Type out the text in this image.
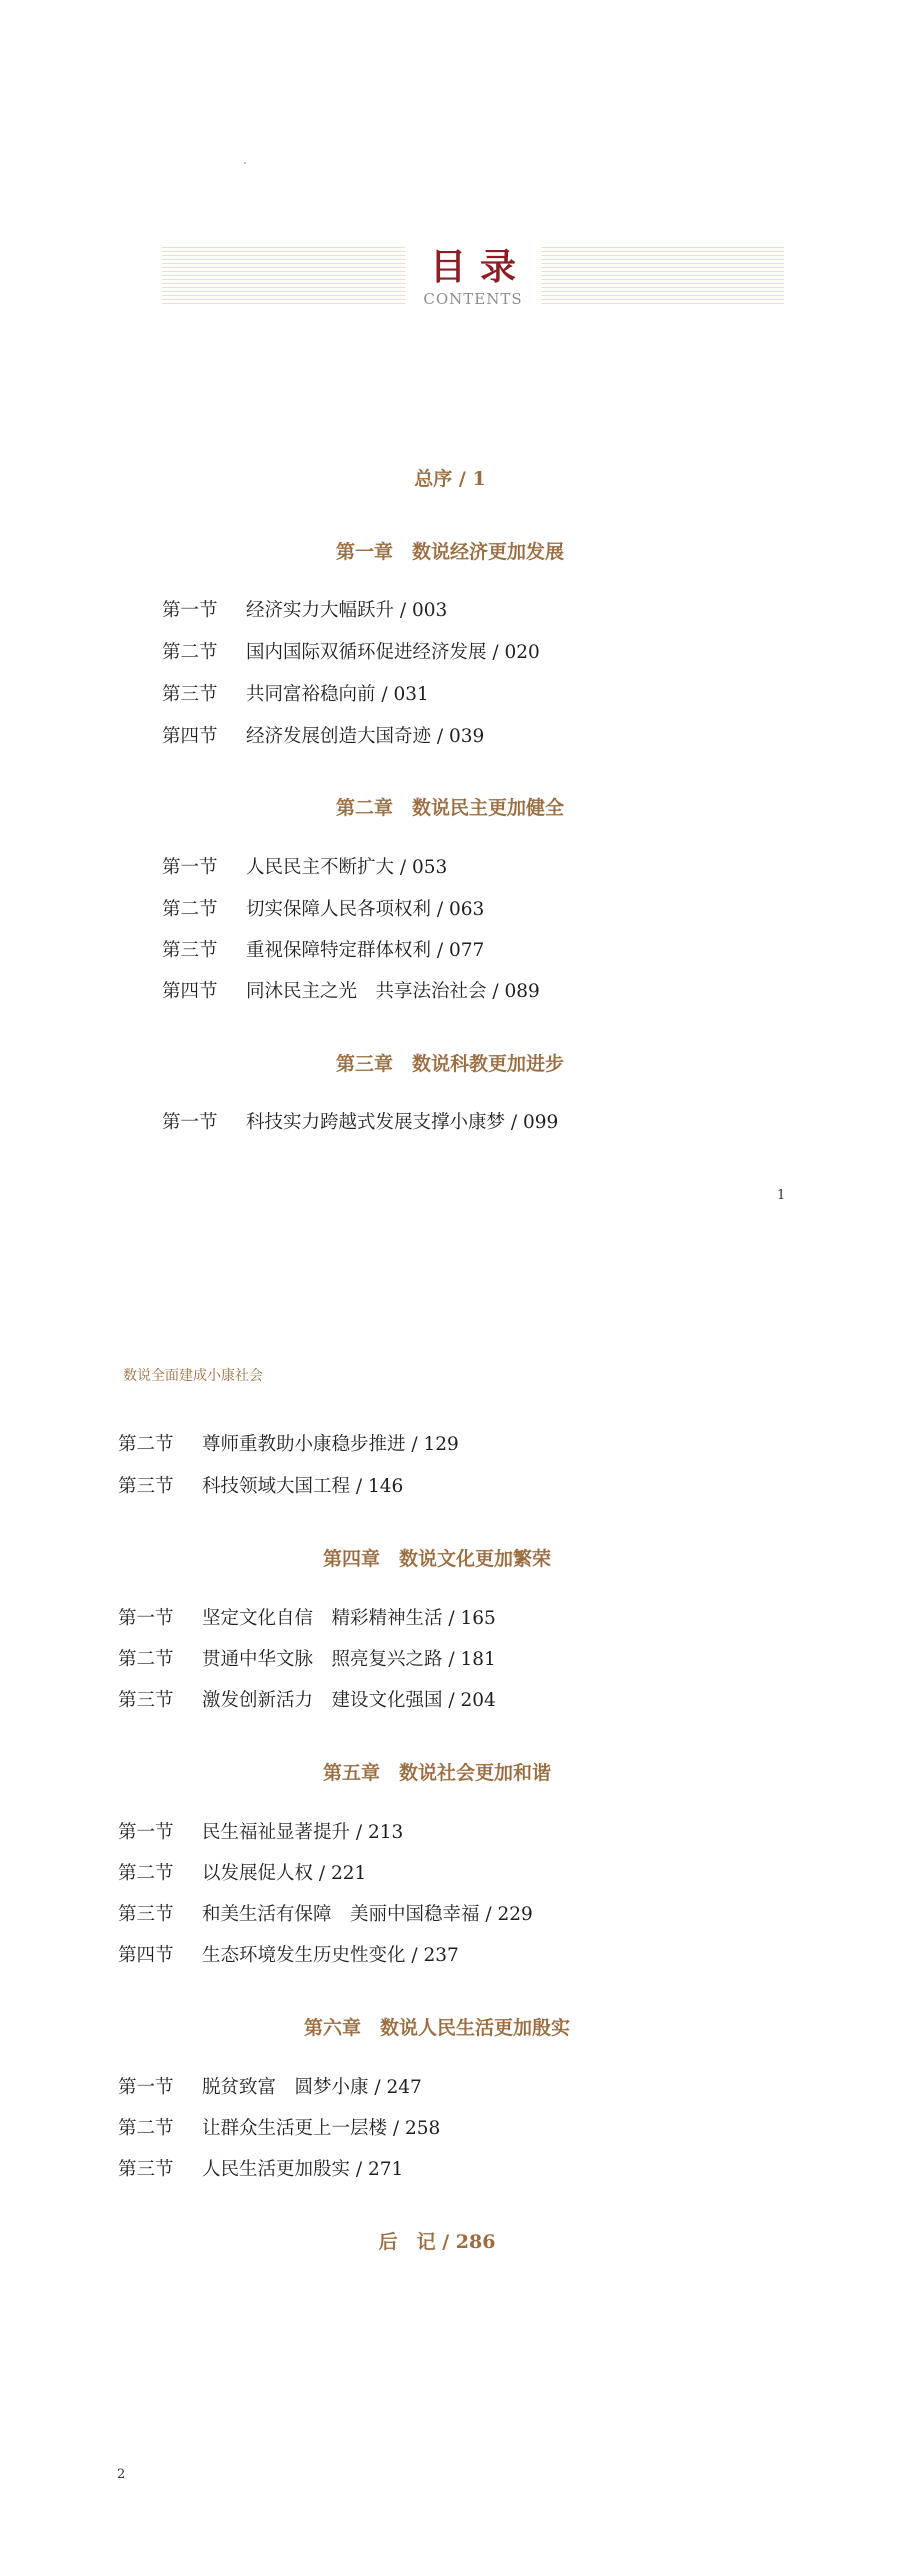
目录
CONTENTS
总序 / 1
第一章　数说经济更加发展
第一节 经济实力大幅跃升 / 003
第二节 国内国际双循环促进经济发展 / 020
第三节 共同富裕稳向前 / 031
第四节 经济发展创造大国奇迹 / 039
第二章　数说民主更加健全
第一节 人民民主不断扩大 / 053
第二节 切实保障人民各项权利 / 063
第三节 重视保障特定群体权利 / 077
第四节 同沐民主之光　共享法治社会 / 089
第三章　数说科教更加进步
第一节 科技实力跨越式发展支撑小康梦 / 099
1
数说全面建成小康社会
第二节 尊师重教助小康稳步推进 / 129
第三节 科技领域大国工程 / 146
第四章　数说文化更加繁荣
第一节 坚定文化自信　精彩精神生活 / 165
第二节 贯通中华文脉　照亮复兴之路 / 181
第三节 激发创新活力　建设文化强国 / 204
第五章　数说社会更加和谐
第一节 民生福祉显著提升 / 213
第二节 以发展促人权 / 221
第三节 和美生活有保障　美丽中国稳幸福 / 229
第四节 生态环境发生历史性变化 / 237
第六章　数说人民生活更加殷实
第一节 脱贫致富　圆梦小康 / 247
第二节 让群众生活更上一层楼 / 258
第三节 人民生活更加殷实 / 271
后　记 / 286
2
